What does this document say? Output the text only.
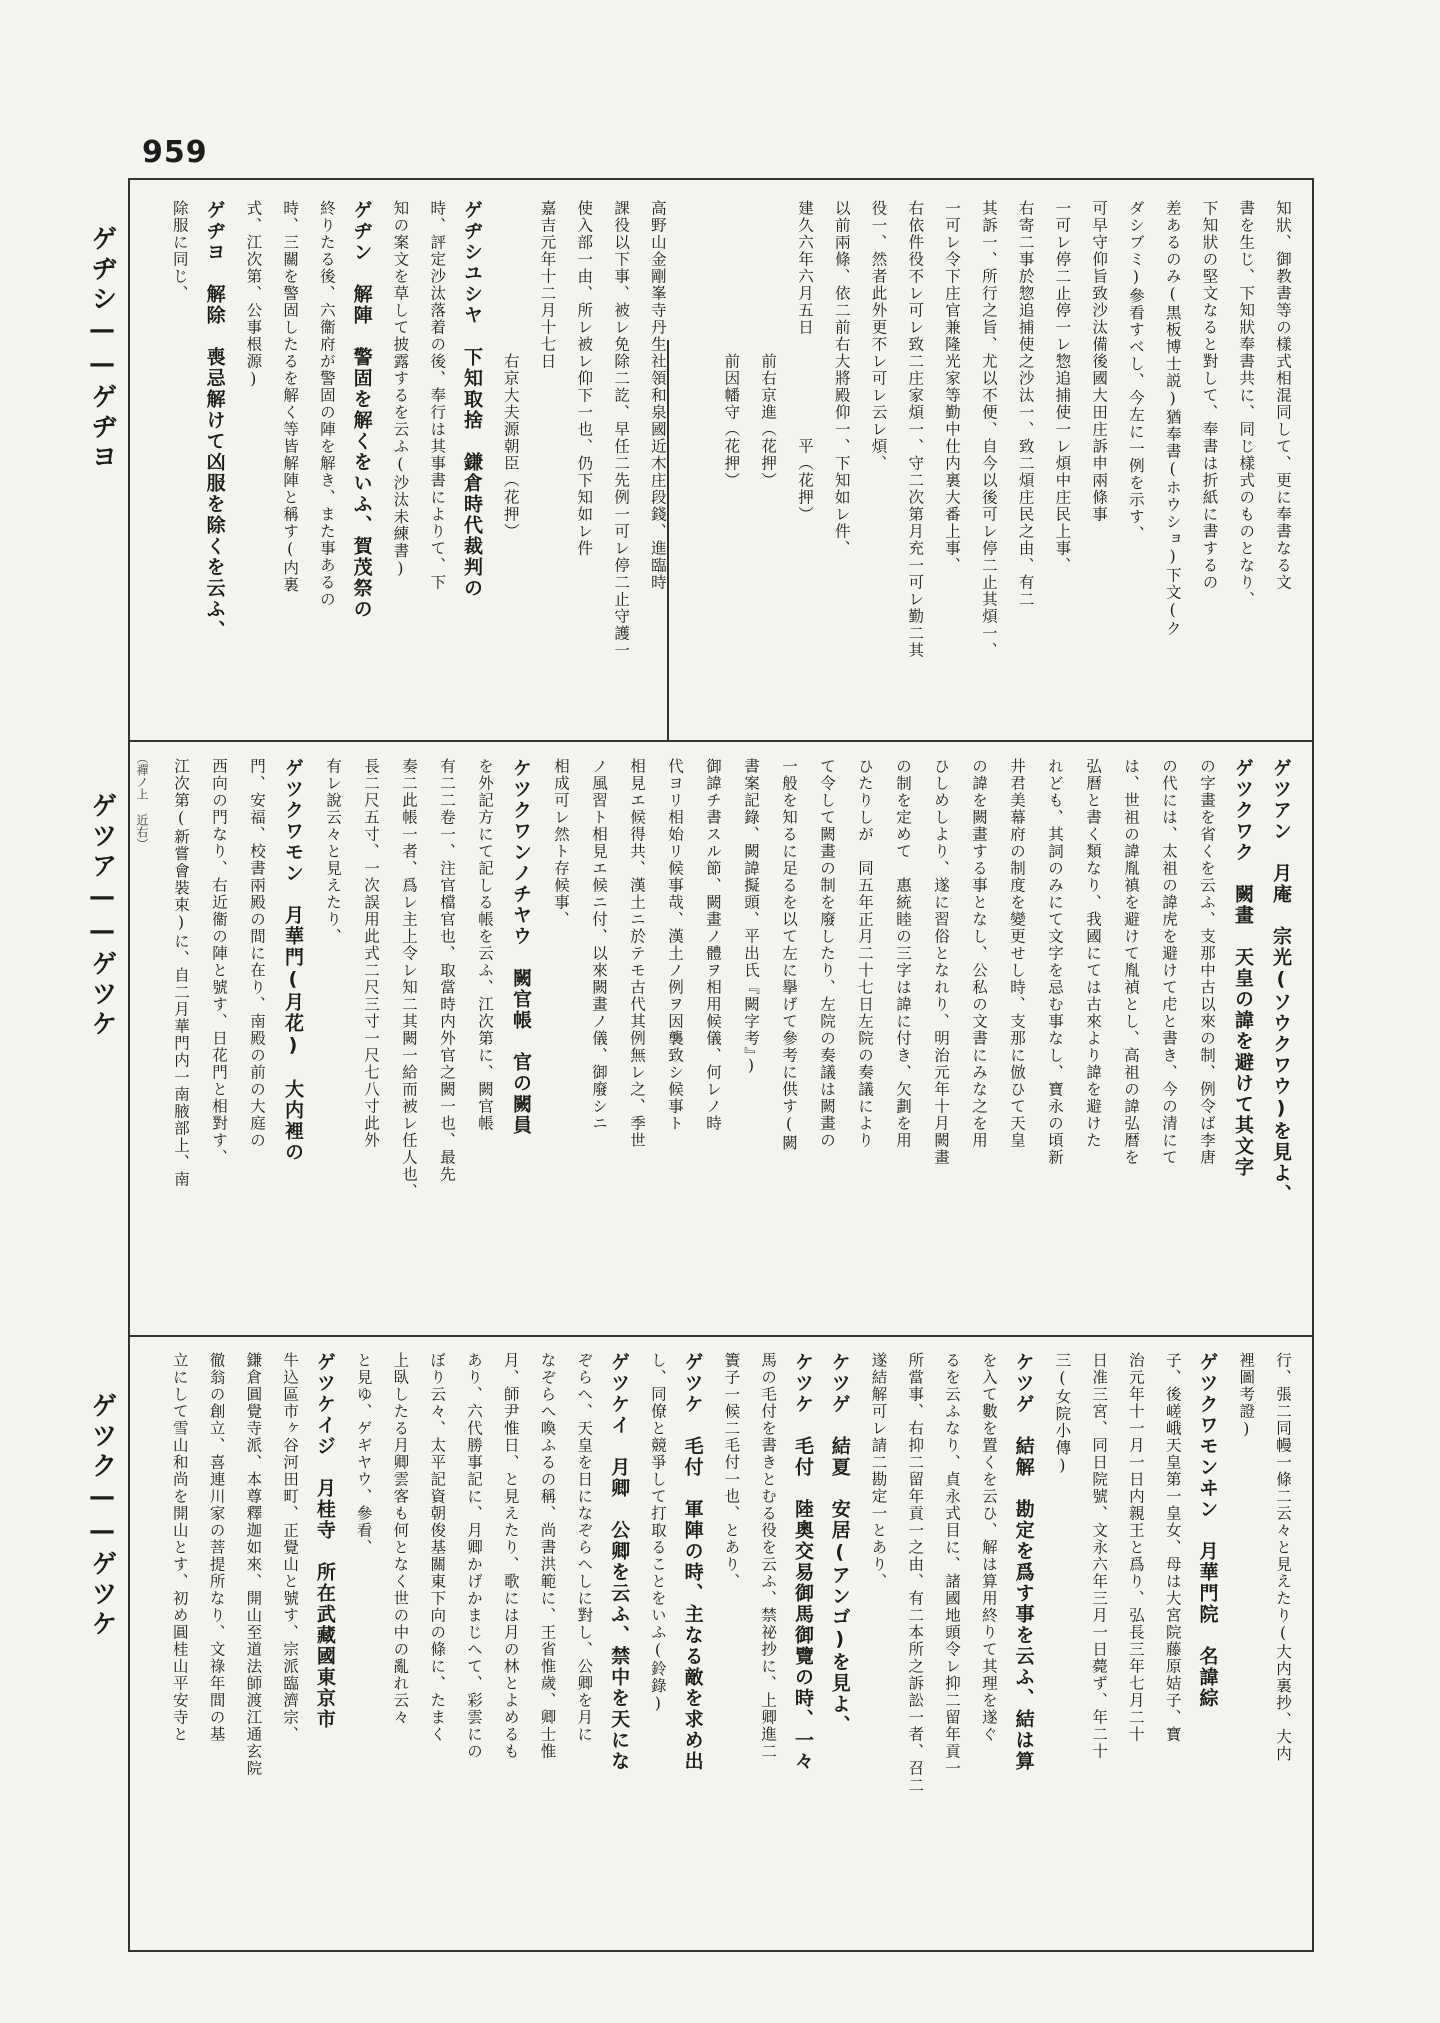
959
ゲヂシ——ゲヂヨ
ゲツア——ゲツケ
ゲツク——ゲツケ
（禪ノ上 近右）
知狀、御教書等の樣式相混同して、更に奉書なる文
書を生じ、下知狀奉書共に、同じ樣式のものとなり、
下知狀の堅文なると對して、奉書は折紙に書するの
差あるのみ(黒板博士説)猶奉書(ホウショ)下文(ク
ダシブミ)參看すべし、今左に一例を示す、
可早守仰旨致沙汰備後國大田庄訴申兩條事
一可レ停二止停一レ惣追捕使一レ煩中庄民上事、
右寄二事於惣追捕使之沙汰一、致二煩庄民之由、有二
其訴一、所行之旨、尤以不便、自今以後可レ停二止其煩一、
一可レ令下庄官兼隆光家等勤中仕内裏大番上事、
右依件役不レ可レ致二庄家煩一、守二次第月充一可レ勤二其
役一、然者此外更不レ可レ云レ煩、
以前兩條、依二前右大將殿仰一、下知如レ件、
建久六年六月五日　　　　　　平（花押）
　　　　　　　　　前右京進（花押）
　　　　　　　　　前因幡守（花押）
高野山金剛峯寺丹生社領和泉國近木庄段錢、進臨時
課役以下事、被レ免除二訖、早任二先例一可レ停二止守護一
使入部一由、所レ被レ仰下一也、仍下知如レ件
嘉吉元年十二月十七日
　　　　　　　　　右京大夫源朝臣（花押）
ゲヂシユシヤ　下知取捨　鎌倉時代裁判の
時、評定沙汰落着の後、奉行は其事書によりて、下
知の案文を草して披露するを云ふ(沙汰未練書)
ゲヂン　解陣　警固を解くをいふ、賀茂祭の
終りたる後、六衞府が警固の陣を解き、また事あるの
時、三關を警固したるを解く等皆解陣と稱す(内裏
式、江次第、公事根源)
ゲヂヨ　解除　喪忌解けて凶服を除くを云ふ、
除服に同じ、
ゲツアン　月庵　宗光(ソウクワウ)を見よ、
ゲツクワク　闕畫　天皇の諱を避けて其文字
の字畫を省くを云ふ、支那中古以來の制、例令ば李唐
の代には、太祖の諱虎を避けて虍と書き、今の清にて
は、世祖の諱胤禛を避けて胤禎とし、高祖の諱弘暦を
弘曆と書く類なり、我國にては古來より諱を避けた
れども、其詞のみにて文字を忌む事なし、寶永の頃新
井君美幕府の制度を變更せし時、支那に倣ひて天皇
の諱を闕畫する事となし、公私の文書にみな之を用
ひしめしより、遂に習俗となれり、明治元年十月闕畫
の制を定めて　惠統睦の三字は諱に付き、欠劃を用
ひたりしが　同五年正月二十七日左院の奏議により
て令して闕畫の制を廢したり、左院の奏議は闕畫の
一般を知るに足るを以て左に擧げて參考に供す(闕
書案記錄、闕諱擬頭、平出氏『闕字考』)
御諱チ書スル節、闕畫ノ體ヲ相用候儀、何レノ時
代ヨリ相始リ候事哉、漢土ノ例ヲ因襲致シ候事ト
相見エ候得共、漢土ニ於テモ古代其例無レ之、季世
ノ風習ト相見エ候ニ付、以來闕畫ノ儀、御廢シニ
相成可レ然ト存候事、
ケツクワンノチヤウ　闕官帳　官の闕員
を外記方にて記しる帳を云ふ、江次第に、闕官帳
有二二卷一、注官檔官也、取當時内外官之闕一也、最先
奏二此帳一者、爲レ主上令レ知二其闕一給而被レ任人也、
長二尺五寸、一次誤用此式二尺三寸一尺七八寸此外
有レ說云々と見えたり、
ゲツクワモン　月華門(月花)　大内裡の
門、安福、校書兩殿の間に在り、南殿の前の大庭の
西向の門なり、右近衞の陣と號す、日花門と相對す、
江次第(新嘗會裝束)に、自二月華門内一南腋部上、南
行、張二同幔一條二云々と見えたり(大内裏抄、大内
裡圖考證)
ゲツクワモンヰン　月華門院　名諱綜
子、後嵯峨天皇第一皇女、母は大宮院藤原姞子、寶
治元年十一月一日内親王と爲り、弘長三年七月二十
日准三宮、同日院號、文永六年三月一日薨ず、年二十
三(女院小傳)
ケツゲ　結解　勘定を爲す事を云ふ、結は算
を入て數を置くを云ひ、解は算用終りて其理を遂ぐ
るを云ふなり、貞永式目に、諸國地頭令レ抑二留年貢一
所當事、右抑二留年貢一之由、有二本所之訴訟一者、召二
遂結解可レ請二勘定一とあり、
ケツゲ　結夏　安居(アンゴ)を見よ、
ケツケ　毛付　陸奧交易御馬御覽の時、一々
馬の毛付を書きとむる役を云ふ、禁祕抄に、上卿進二
簀子一候二毛付一也、とあり、
ゲツケ　毛付　軍陣の時、主なる敵を求め出
し、同僚と競爭して打取ることをいふ(鈴錄)
ゲツケイ　月卿　公卿を云ふ、禁中を天にな
ぞらへ、天皇を日になぞらへしに對し、公卿を月に
なぞらへ喚ふるの稱、尚書洪範に、王省惟歲、卿士惟
月、師尹惟日、と見えたり、歌には月の林とよめるも
あり、六代勝事記に、月卿かげかまじへて、彩雲にの
ぼり云々、太平記資朝俊基關東下向の條に、たまく
上臥したる月卿雲客も何となく世の中の亂れ云々
と見ゆ、ゲギヤウ、參看、
ゲツケイジ　月桂寺　所在武藏國東京市
牛込區市ヶ谷河田町、正覺山と號す、宗派臨濟宗、
鎌倉圓覺寺派、本尊釋迦如來、開山至道法師渡江通玄院
徹翁の創立、喜連川家の菩提所なり、文祿年間の基
立にして雪山和尚を開山とす、初め圓桂山平安寺と
